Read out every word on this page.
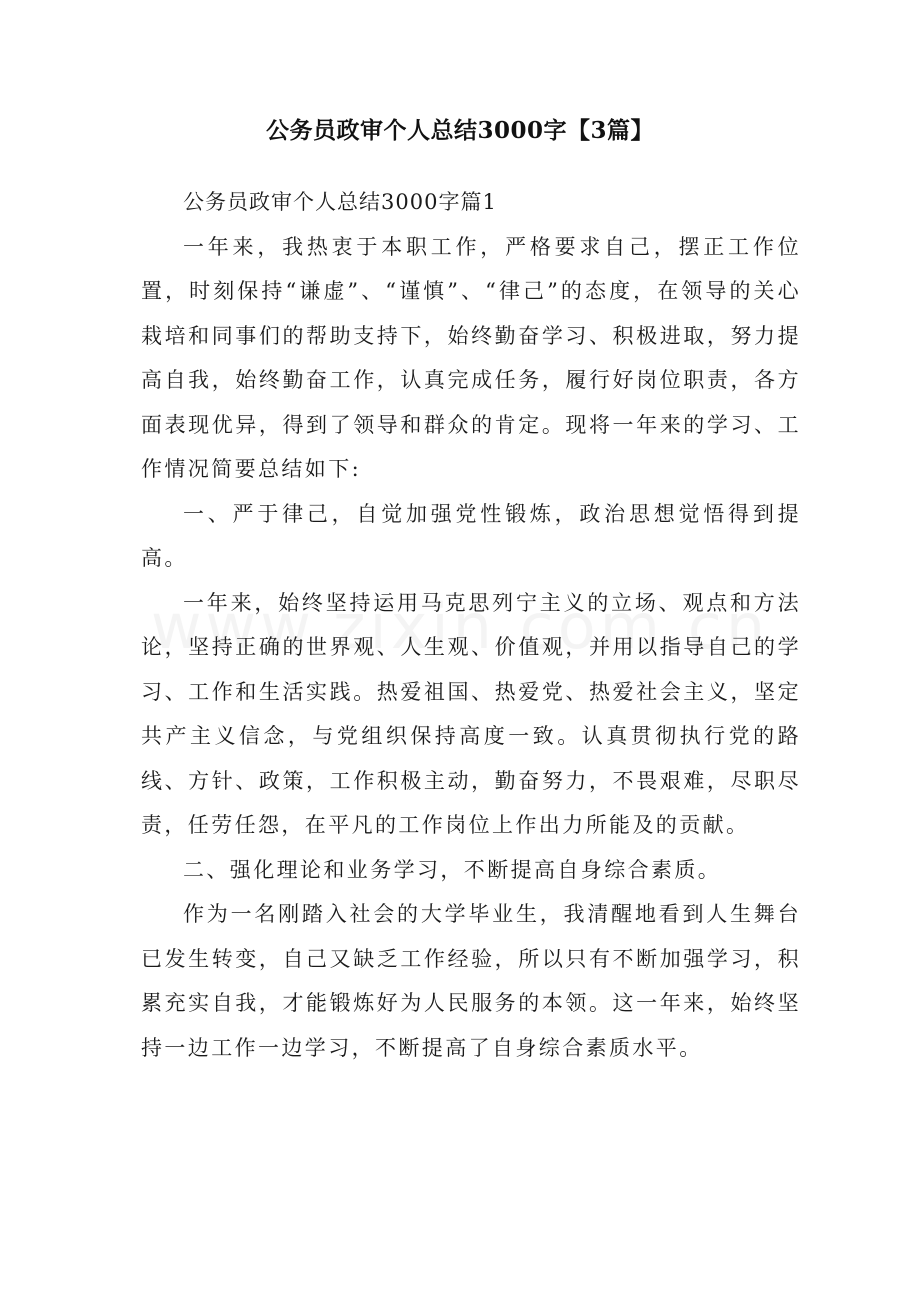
公务员政审个人总结3000字【3篇】

公务员政审个人总结3000字篇1

一年来，我热衷于本职工作，严格要求自己，摆正工作位置，时刻保持“谦虚”、“谨慎”、“律己”的态度，在领导的关心栽培和同事们的帮助支持下，始终勤奋学习、积极进取，努力提高自我，始终勤奋工作，认真完成任务，履行好岗位职责，各方面表现优异，得到了领导和群众的肯定。现将一年来的学习、工作情况简要总结如下:

一、严于律己，自觉加强党性锻炼，政治思想觉悟得到提高。

一年来，始终坚持运用马克思列宁主义的立场、观点和方法论，坚持正确的世界观、人生观、价值观，并用以指导自己的学习、工作和生活实践。热爱祖国、热爱党、热爱社会主义，坚定共产主义信念，与党组织保持高度一致。认真贯彻执行党的路线、方针、政策，工作积极主动，勤奋努力，不畏艰难，尽职尽责，任劳任怨，在平凡的工作岗位上作出力所能及的贡献。

二、强化理论和业务学习，不断提高自身综合素质。

作为一名刚踏入社会的大学毕业生，我清醒地看到人生舞台已发生转变，自己又缺乏工作经验，所以只有不断加强学习，积累充实自我，才能锻炼好为人民服务的本领。这一年来，始终坚持一边工作一边学习，不断提高了自身综合素质水平。
